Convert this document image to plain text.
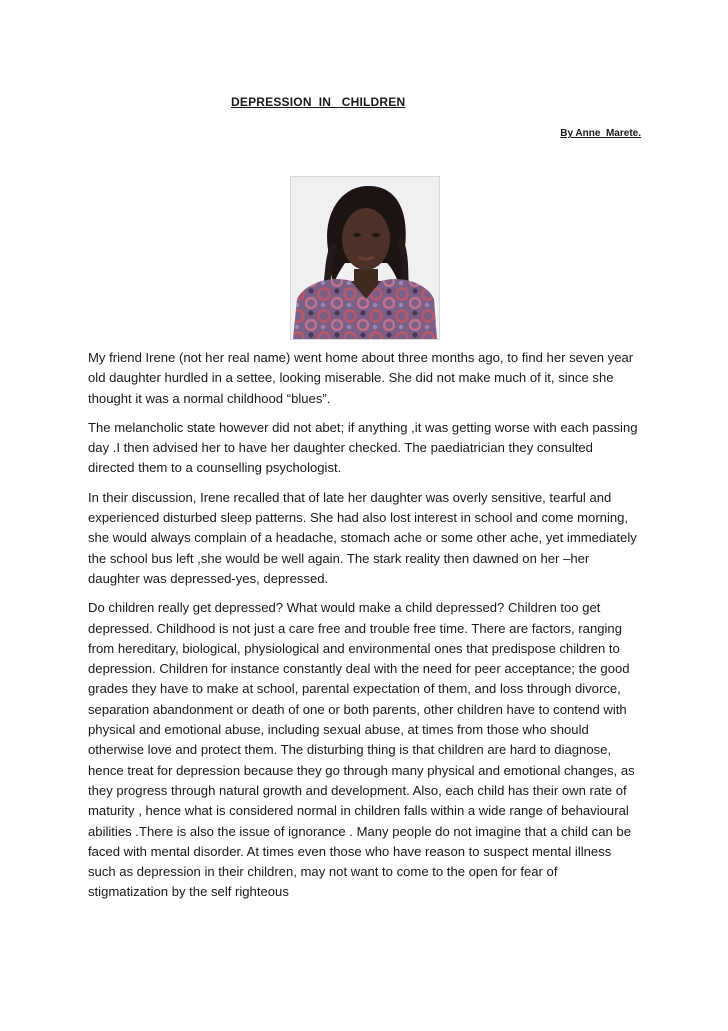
DEPRESSION  IN   CHILDREN
By Anne  Marete.

My friend Irene (not her real name) went home about three months ago, to find her seven year old daughter hurdled in a settee, looking miserable. She did not make much of it, since she thought it was a normal childhood “blues”.

The melancholic state however did not abet; if anything ,it was getting worse with each passing day .I then advised her to have her daughter checked. The paediatrician they consulted directed them to a counselling psychologist.

In their discussion, Irene recalled that of late her daughter was overly sensitive, tearful and experienced disturbed sleep patterns. She had also lost interest in school and come morning, she would always complain of a headache, stomach ache or some other ache, yet immediately the school bus left ,she would be well again. The stark reality then dawned on her –her daughter was depressed-yes, depressed.

Do children really get depressed? What would make a child depressed? Children too get depressed. Childhood is not just a care free and trouble free time. There are factors, ranging from hereditary, biological, physiological and environmental ones that predispose children to depression. Children for instance constantly deal with the need for peer acceptance; the good grades they have to make at school, parental expectation of them, and loss through divorce, separation abandonment or death of one or both parents, other children have to contend with physical and emotional abuse, including sexual abuse, at times from those who should otherwise love and protect them. The disturbing thing is that children are hard to diagnose, hence treat for depression because they go through many physical and emotional changes, as they progress through natural growth and development. Also, each child has their own rate of maturity , hence what is considered normal in children falls within a wide range of behavioural abilities .There is also the issue of ignorance . Many people do not imagine that a child can be faced with mental disorder. At times even those who have reason to suspect mental illness such as depression in their children, may not want to come to the open for fear of stigmatization by the self righteous
